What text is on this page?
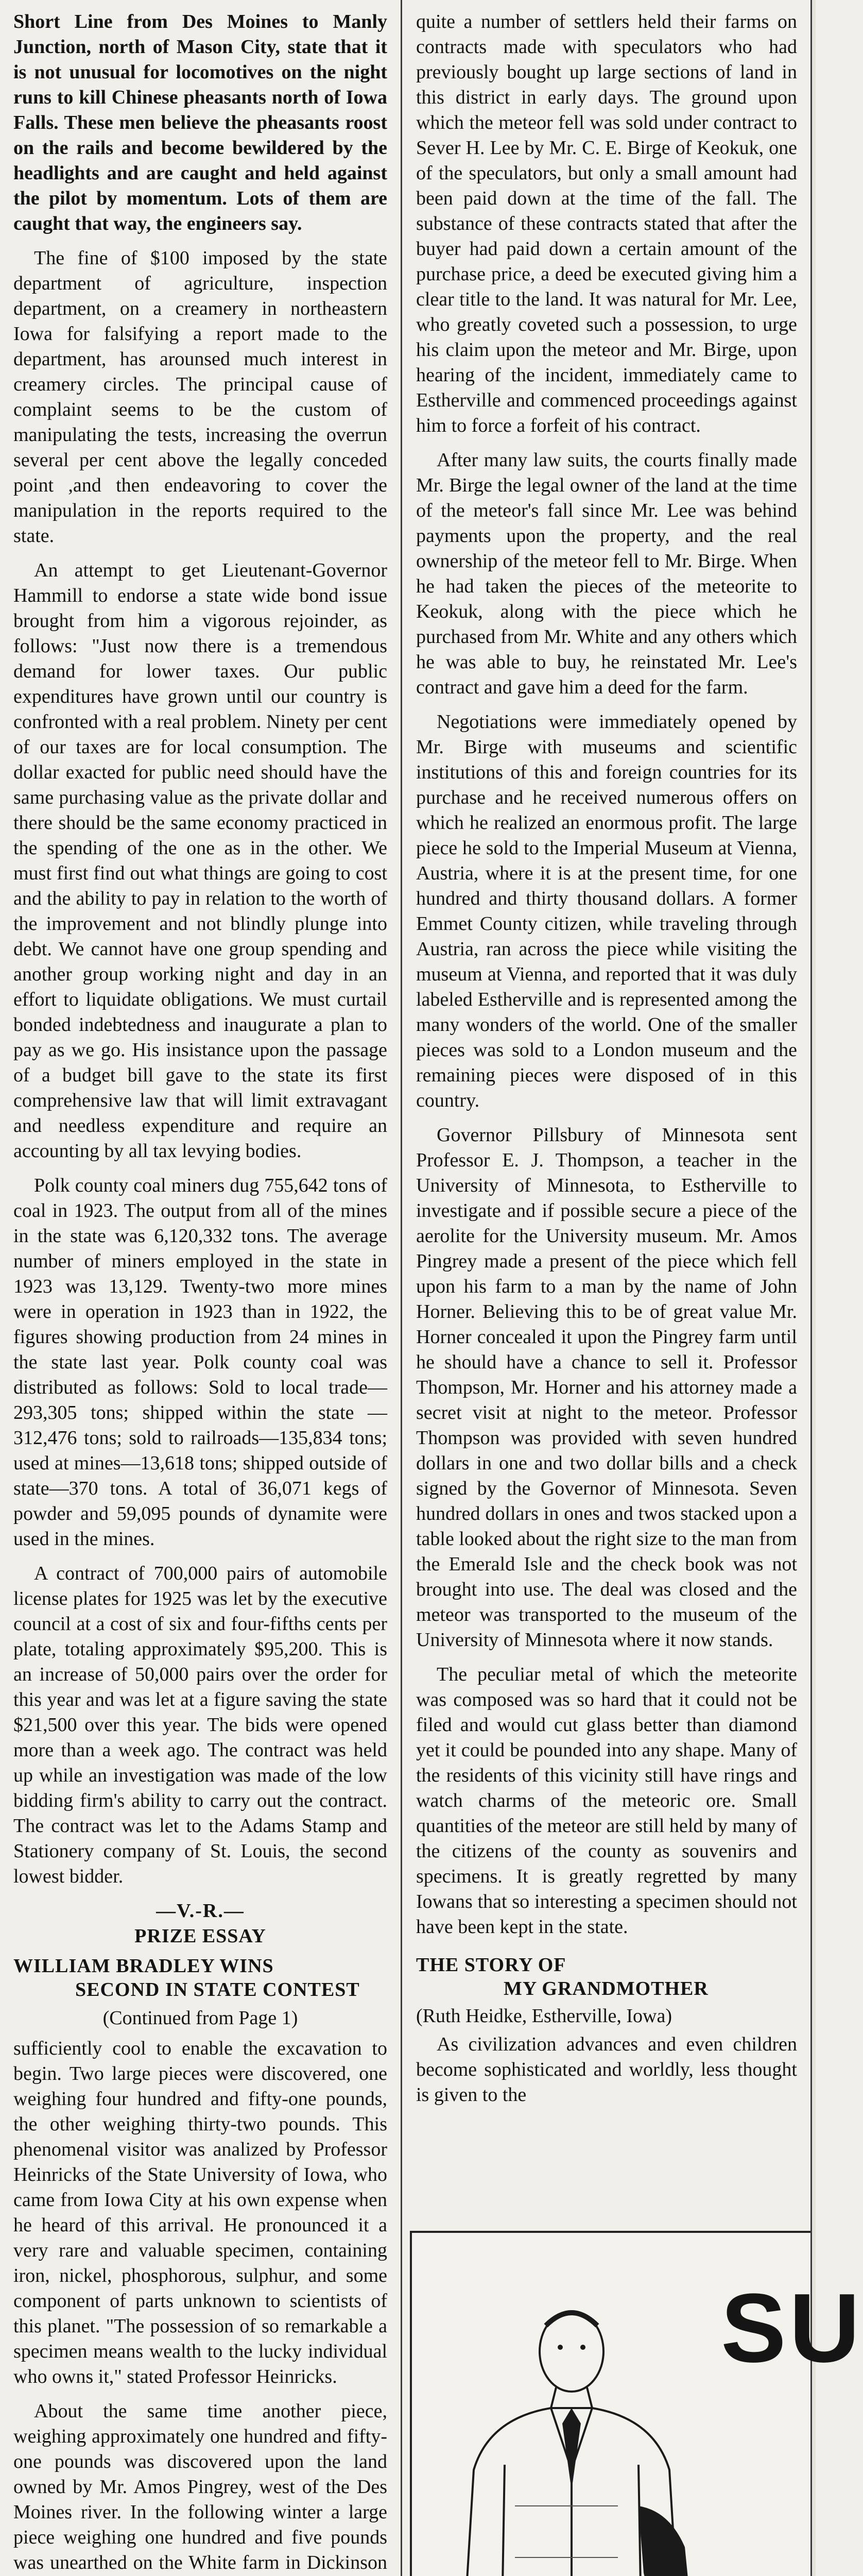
Short Line from Des Moines to Manly Junction, north of Mason City, state that it is not unusual for locomotives on the night runs to kill Chinese pheasants north of Iowa Falls. These men believe the pheasants roost on the rails and become bewildered by the headlights and are caught and held against the pilot by momentum. Lots of them are caught that way, the engineers say.

The fine of $100 imposed by the state department of agriculture, inspection department, on a creamery in northeastern Iowa for falsifying a report made to the department, has arounsed much interest in creamery circles. The principal cause of complaint seems to be the custom of manipulating the tests, increasing the overrun several per cent above the legally conceded point ,and then endeavoring to cover the manipulation in the reports required to the state.

An attempt to get Lieutenant-Governor Hammill to endorse a state wide bond issue brought from him a vigorous rejoinder, as follows: "Just now there is a tremendous demand for lower taxes. Our public expenditures have grown until our country is confronted with a real problem. Ninety per cent of our taxes are for local consumption. The dollar exacted for public need should have the same purchasing value as the private dollar and there should be the same economy practiced in the spending of the one as in the other. We must first find out what things are going to cost and the ability to pay in relation to the worth of the improvement and not blindly plunge into debt. We cannot have one group spending and another group working night and day in an effort to liquidate obligations. We must curtail bonded indebtedness and inaugurate a plan to pay as we go. His insistance upon the passage of a budget bill gave to the state its first comprehensive law that will limit extravagant and needless expenditure and require an accounting by all tax levying bodies.

Polk county coal miners dug 755,642 tons of coal in 1923. The output from all of the mines in the state was 6,120,332 tons. The average number of miners employed in the state in 1923 was 13,129. Twenty-two more mines were in operation in 1923 than in 1922, the figures showing production from 24 mines in the state last year. Polk county coal was distributed as follows: Sold to local trade—293,305 tons; shipped within the state —312,476 tons; sold to railroads—135,834 tons; used at mines—13,618 tons; shipped outside of state—370 tons. A total of 36,071 kegs of powder and 59,095 pounds of dynamite were used in the mines.

A contract of 700,000 pairs of automobile license plates for 1925 was let by the executive council at a cost of six and four-fifths cents per plate, totaling approximately $95,200. This is an increase of 50,000 pairs over the order for this year and was let at a figure saving the state $21,500 over this year. The bids were opened more than a week ago. The contract was held up while an investigation was made of the low bidding firm's ability to carry out the contract. The contract was let to the Adams Stamp and Stationery company of St. Louis, the second lowest bidder.

—V.-R.—
PRIZE ESSAY
WILLIAM BRADLEY WINS
SECOND IN STATE CONTEST
(Continued from Page 1)

sufficiently cool to enable the excavation to begin. Two large pieces were discovered, one weighing four hundred and fifty-one pounds, the other weighing thirty-two pounds. This phenomenal visitor was analized by Professor Heinricks of the State University of Iowa, who came from Iowa City at his own expense when he heard of this arrival. He pronounced it a very rare and valuable specimen, containing iron, nickel, phosphorous, sulphur, and some component of parts unknown to scientists of this planet. "The possession of so remarkable a specimen means wealth to the lucky individual who owns it," stated Professor Heinricks.

About the same time another piece, weighing approximately one hundred and fifty-one pounds was discovered upon the land owned by Mr. Amos Pingrey, west of the Des Moines river. In the following winter a large piece weighing one hundred and five pounds was unearthed on the White farm in Dickinson

quite a number of settlers held their farms on contracts made with speculators who had previously bought up large sections of land in this district in early days. The ground upon which the meteor fell was sold under contract to Sever H. Lee by Mr. C. E. Birge of Keokuk, one of the speculators, but only a small amount had been paid down at the time of the fall. The substance of these contracts stated that after the buyer had paid down a certain amount of the purchase price, a deed be executed giving him a clear title to the land. It was natural for Mr. Lee, who greatly coveted such a possession, to urge his claim upon the meteor and Mr. Birge, upon hearing of the incident, immediately came to Estherville and commenced proceedings against him to force a forfeit of his contract.

After many law suits, the courts finally made Mr. Birge the legal owner of the land at the time of the meteor's fall since Mr. Lee was behind payments upon the property, and the real ownership of the meteor fell to Mr. Birge. When he had taken the pieces of the meteorite to Keokuk, along with the piece which he purchased from Mr. White and any others which he was able to buy, he reinstated Mr. Lee's contract and gave him a deed for the farm.

Negotiations were immediately opened by Mr. Birge with museums and scientific institutions of this and foreign countries for its purchase and he received numerous offers on which he realized an enormous profit. The large piece he sold to the Imperial Museum at Vienna, Austria, where it is at the present time, for one hundred and thirty thousand dollars. A former Emmet County citizen, while traveling through Austria, ran across the piece while visiting the museum at Vienna, and reported that it was duly labeled Estherville and is represented among the many wonders of the world. One of the smaller pieces was sold to a London museum and the remaining pieces were disposed of in this country.

Governor Pillsbury of Minnesota sent Professor E. J. Thompson, a teacher in the University of Minnesota, to Estherville to investigate and if possible secure a piece of the aerolite for the University museum. Mr. Amos Pingrey made a present of the piece which fell upon his farm to a man by the name of John Horner. Believing this to be of great value Mr. Horner concealed it upon the Pingrey farm until he should have a chance to sell it. Professor Thompson, Mr. Horner and his attorney made a secret visit at night to the meteor. Professor Thompson was provided with seven hundred dollars in one and two dollar bills and a check signed by the Governor of Minnesota. Seven hundred dollars in ones and twos stacked upon a table looked about the right size to the man from the Emerald Isle and the check book was not brought into use. The deal was closed and the meteor was transported to the museum of the University of Minnesota where it now stands.

The peculiar metal of which the meteorite was composed was so hard that it could not be filed and would cut glass better than diamond yet it could be pounded into any shape. Many of the residents of this vicinity still have rings and watch charms of the meteoric ore. Small quantities of the meteor are still held by many of the citizens of the county as souvenirs and specimens. It is greatly regretted by many Iowans that so interesting a specimen should not have been kept in the state.

THE STORY OF
MY GRANDMOTHER

(Ruth Heidke, Estherville, Iowa)

As civilization advances and even children become sophisticated and worldly, less thought is given to the

SU
